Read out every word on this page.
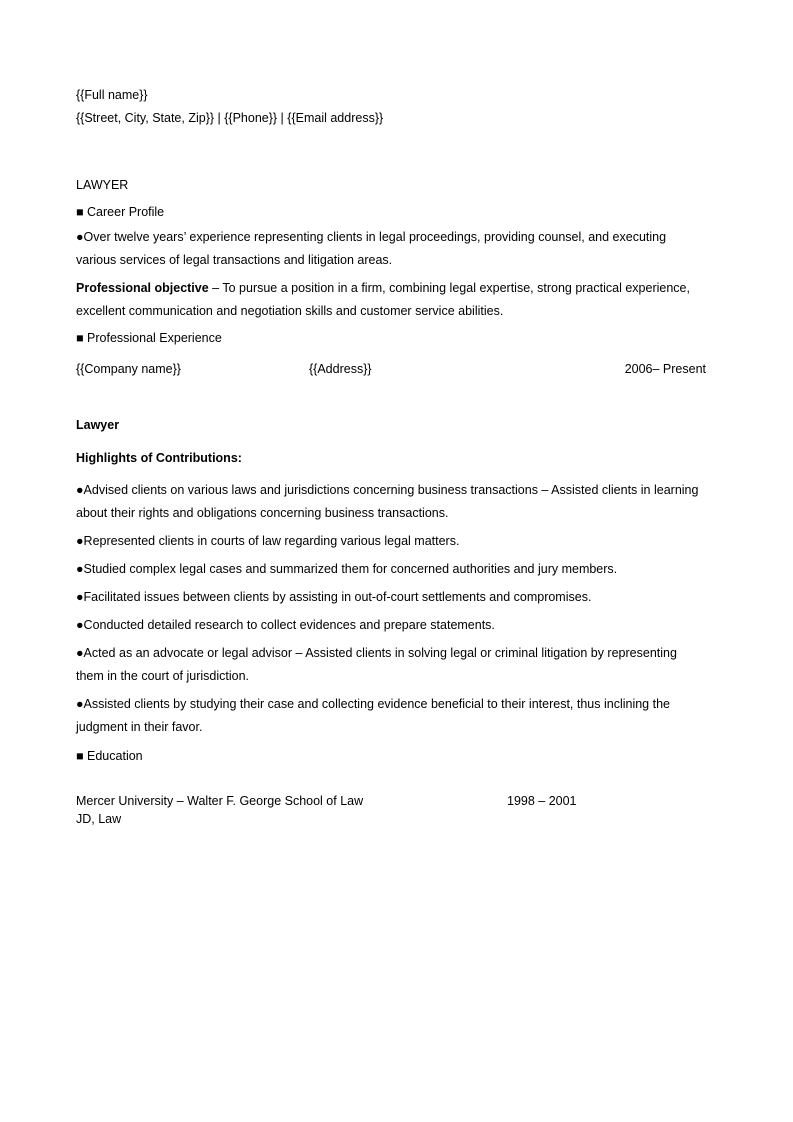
{{Full name}}
{{Street, City, State, Zip}} | {{Phone}} | {{Email address}}
LAWYER
■ Career Profile
●Over twelve years’ experience representing clients in legal proceedings, providing counsel, and executing various services of legal transactions and litigation areas.
Professional objective – To pursue a position in a firm, combining legal expertise, strong practical experience, excellent communication and negotiation skills and customer service abilities.
■ Professional Experience
{{Company name}}	{{Address}}	2006– Present
Lawyer
Highlights of Contributions:
●Advised clients on various laws and jurisdictions concerning business transactions – Assisted clients in learning about their rights and obligations concerning business transactions.
●Represented clients in courts of law regarding various legal matters.
●Studied complex legal cases and summarized them for concerned authorities and jury members.
●Facilitated issues between clients by assisting in out-of-court settlements and compromises.
●Conducted detailed research to collect evidences and prepare statements.
●Acted as an advocate or legal advisor – Assisted clients in solving legal or criminal litigation by representing them in the court of jurisdiction.
●Assisted clients by studying their case and collecting evidence beneficial to their interest, thus inclining the judgment in their favor.
■ Education
Mercer University – Walter F. George School of Law	1998 – 2001
JD, Law
